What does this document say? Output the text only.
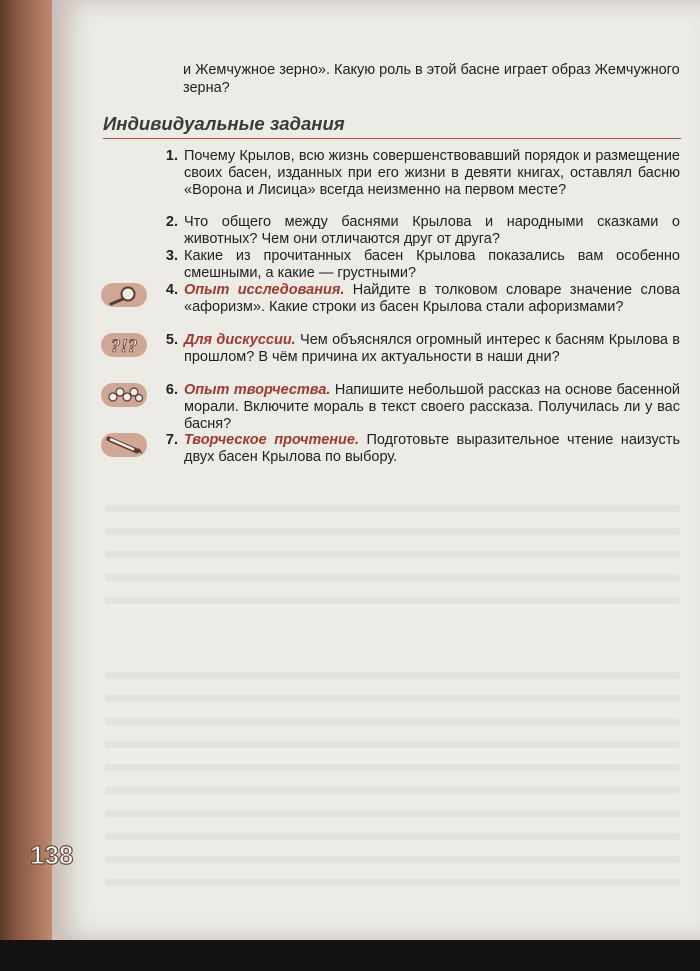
и Жемчужное зерно». Какую роль в этой басне играет образ Жемчужного зерна?
Индивидуальные задания
1. Почему Крылов, всю жизнь совершенствовавший порядок и размещение своих басен, изданных при его жизни в девяти книгах, оставлял басню «Ворона и Лисица» всегда неизменно на первом месте?
2. Что общего между баснями Крылова и народными сказками о животных? Чем они отличаются друг от друга?
3. Какие из прочитанных басен Крылова показались вам особенно смешными, а какие — грустными?
4. Опыт исследования. Найдите в толковом словаре значение слова «афоризм». Какие строки из басен Крылова стали афоризмами?
?!?	5. Для дискуссии. Чем объяснялся огромный интерес к басням Крылова в прошлом? В чём причина их актуальности в наши дни?
6. Опыт творчества. Напишите небольшой рассказ на основе басенной морали. Включите мораль в текст своего рассказа. Получилась ли у вас басня?
7. Творческое прочтение. Подготовьте выразительное чтение наизусть двух басен Крылова по выбору.
138
